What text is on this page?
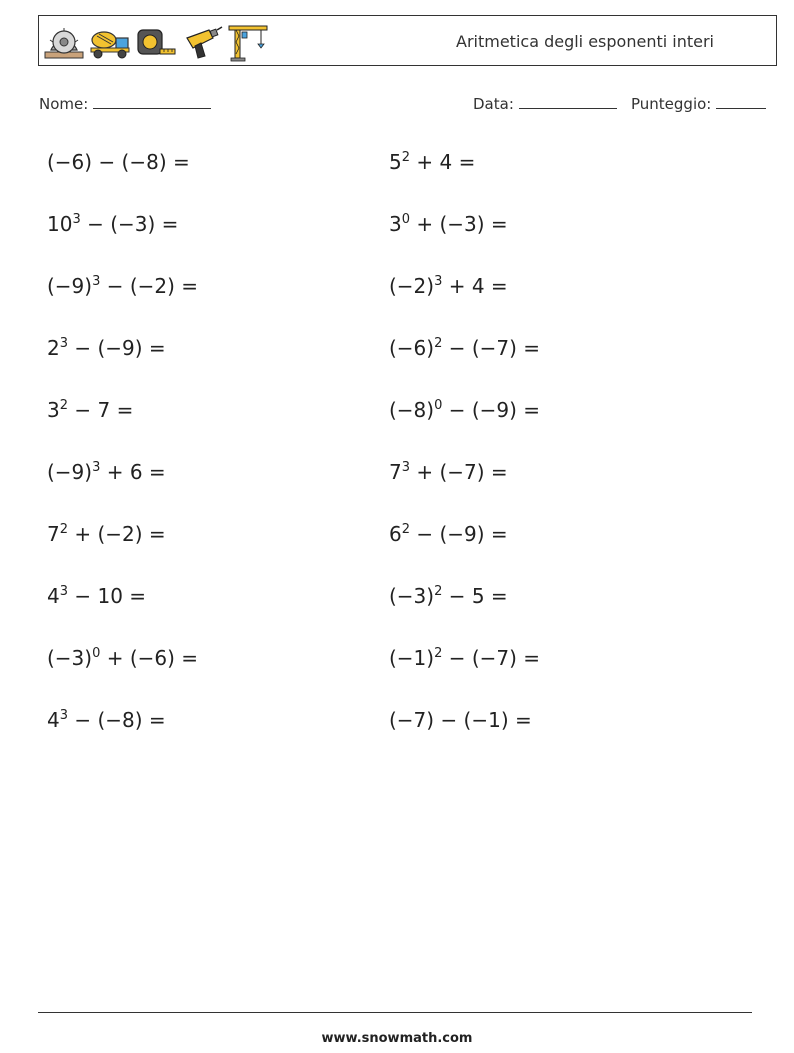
Aritmetica degli esponenti interi
Nome:	Data:	Punteggio:
(−6) − (−8) =	$5^2 + 4$ =
$10^3 - (-3)$ =	$3^0 + (-3)$ =
$(-9)^3 - (-2)$ =	$(-2)^3 + 4$ =
$2^3 - (-9)$ =	$(-6)^2 - (-7)$ =
$3^2 - 7$ =	$(-8)^0 - (-9)$ =
$(-9)^3 + 6$ =	$7^3 + (-7)$ =
$7^2 + (-2)$ =	$6^2 - (-9)$ =
$4^3 - 10$ =	$(-3)^2 - 5$ =
$(-3)^0 + (-6)$ =	$(-1)^2 - (-7)$ =
$4^3 - (-8)$ =	(−7) − (−1) =
www.snowmath.com
